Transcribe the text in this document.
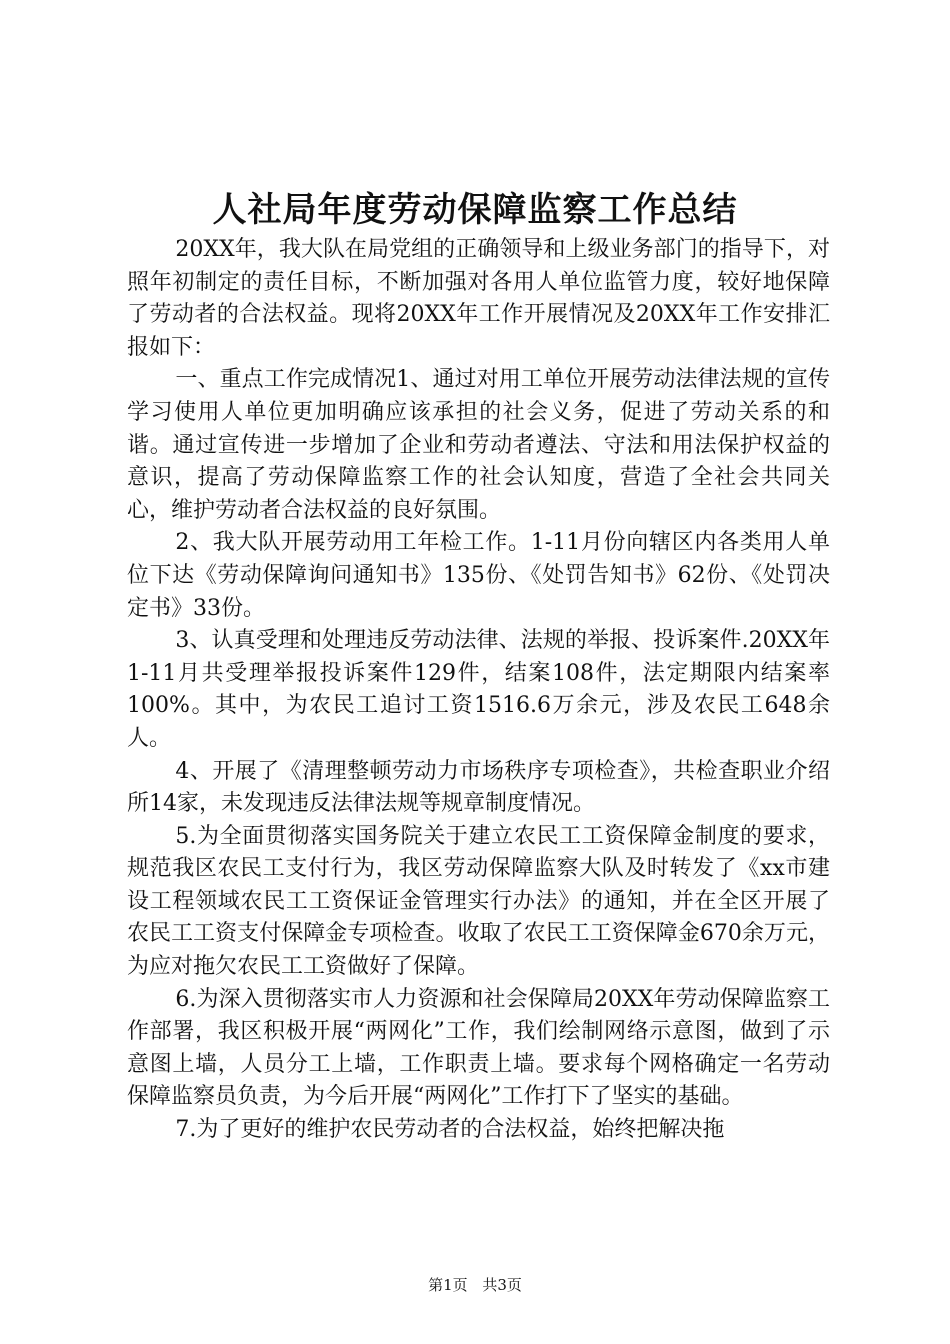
人社局年度劳动保障监察工作总结

20XX年，我大队在局党组的正确领导和上级业务部门的指导下，对照年初制定的责任目标，不断加强对各用人单位监管力度，较好地保障了劳动者的合法权益。现将20XX年工作开展情况及20XX年工作安排汇报如下：

一、重点工作完成情况1、通过对用工单位开展劳动法律法规的宣传学习使用人单位更加明确应该承担的社会义务，促进了劳动关系的和谐。通过宣传进一步增加了企业和劳动者遵法、守法和用法保护权益的意识，提高了劳动保障监察工作的社会认知度，营造了全社会共同关心，维护劳动者合法权益的良好氛围。

2、我大队开展劳动用工年检工作。1-11月份向辖区内各类用人单位下达《劳动保障询问通知书》135份、《处罚告知书》62份、《处罚决定书》33份。

3、认真受理和处理违反劳动法律、法规的举报、投诉案件.20XX年1-11月共受理举报投诉案件129件，结案108件，法定期限内结案率100%。其中，为农民工追讨工资1516.6万余元，涉及农民工648余人。

4、开展了《清理整顿劳动力市场秩序专项检查》，共检查职业介绍所14家，未发现违反法律法规等规章制度情况。

5.为全面贯彻落实国务院关于建立农民工工资保障金制度的要求，规范我区农民工支付行为，我区劳动保障监察大队及时转发了《xx市建设工程领域农民工工资保证金管理实行办法》的通知，并在全区开展了农民工工资支付保障金专项检查。收取了农民工工资保障金670余万元，为应对拖欠农民工工资做好了保障。

6.为深入贯彻落实市人力资源和社会保障局20XX年劳动保障监察工作部署，我区积极开展“两网化”工作，我们绘制网络示意图，做到了示意图上墙，人员分工上墙，工作职责上墙。要求每个网格确定一名劳动保障监察员负责，为今后开展“两网化”工作打下了坚实的基础。

7.为了更好的维护农民劳动者的合法权益，始终把解决拖

第1页 共3页
